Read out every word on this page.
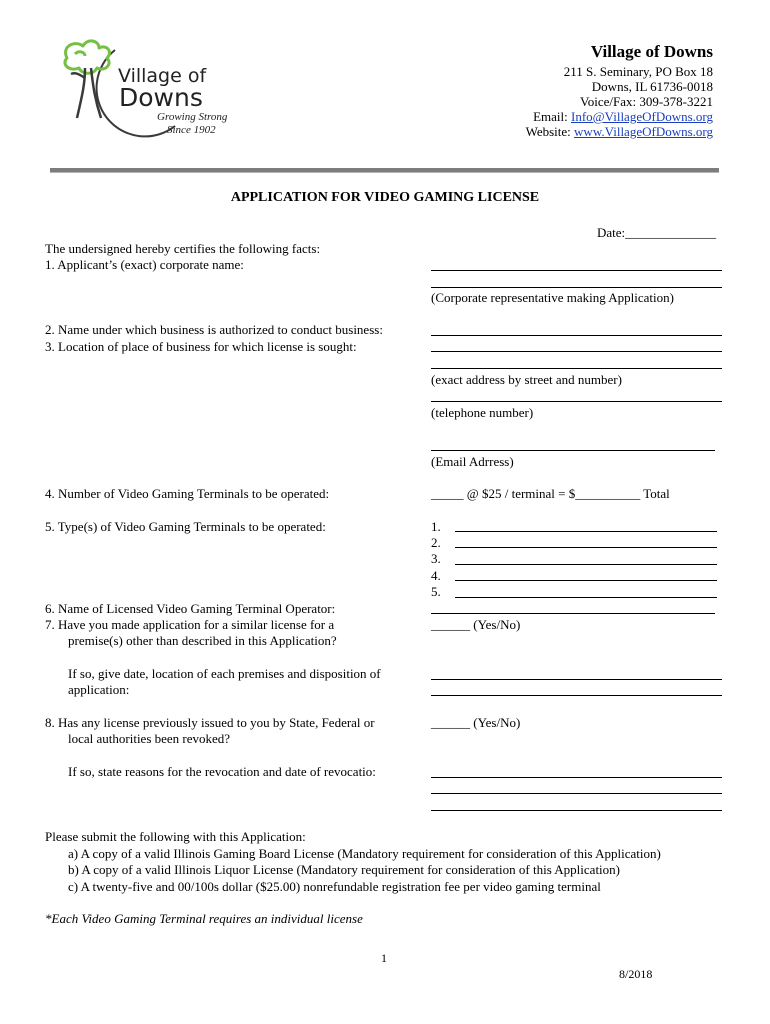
Village of
Downs
Growing Strong
Since 1902
Village of Downs
211 S. Seminary, PO Box 18
Downs, IL 61736-0018
Voice/Fax: 309-378-3221
Email: Info@VillageOfDowns.org
Website: www.VillageOfDowns.org
APPLICATION FOR VIDEO GAMING LICENSE
Date:______________
The undersigned hereby certifies the following facts:
1. Applicant’s (exact) corporate name:
(Corporate representative making Application)
2. Name under which business is authorized to conduct business:
3. Location of place of business for which license is sought:
(exact address by street and number)
(telephone number)
(Email Adrress)
4. Number of Video Gaming Terminals to be operated:	_____ @ $25 / terminal = $__________ Total
5. Type(s) of Video Gaming Terminals to be operated:	1.
2.
3.
4.
5.
6. Name of Licensed Video Gaming Terminal Operator:
7. Have you made application for a similar license for a
premise(s) other than described in this Application?
______ (Yes/No)
If so, give date, location of each premises and disposition of
application:
8. Has any license previously issued to you by State, Federal or
local authorities been revoked?
______ (Yes/No)
If so, state reasons for the revocation and date of revocatio:
Please submit the following with this Application:
a) A copy of a valid Illinois Gaming Board License (Mandatory requirement for consideration of this Application)
b) A copy of a valid Illinois Liquor License (Mandatory requirement for consideration of this Application)
c) A twenty-five and 00/100s dollar ($25.00) nonrefundable registration fee per video gaming terminal
*Each Video Gaming Terminal requires an individual license
1
8/2018
